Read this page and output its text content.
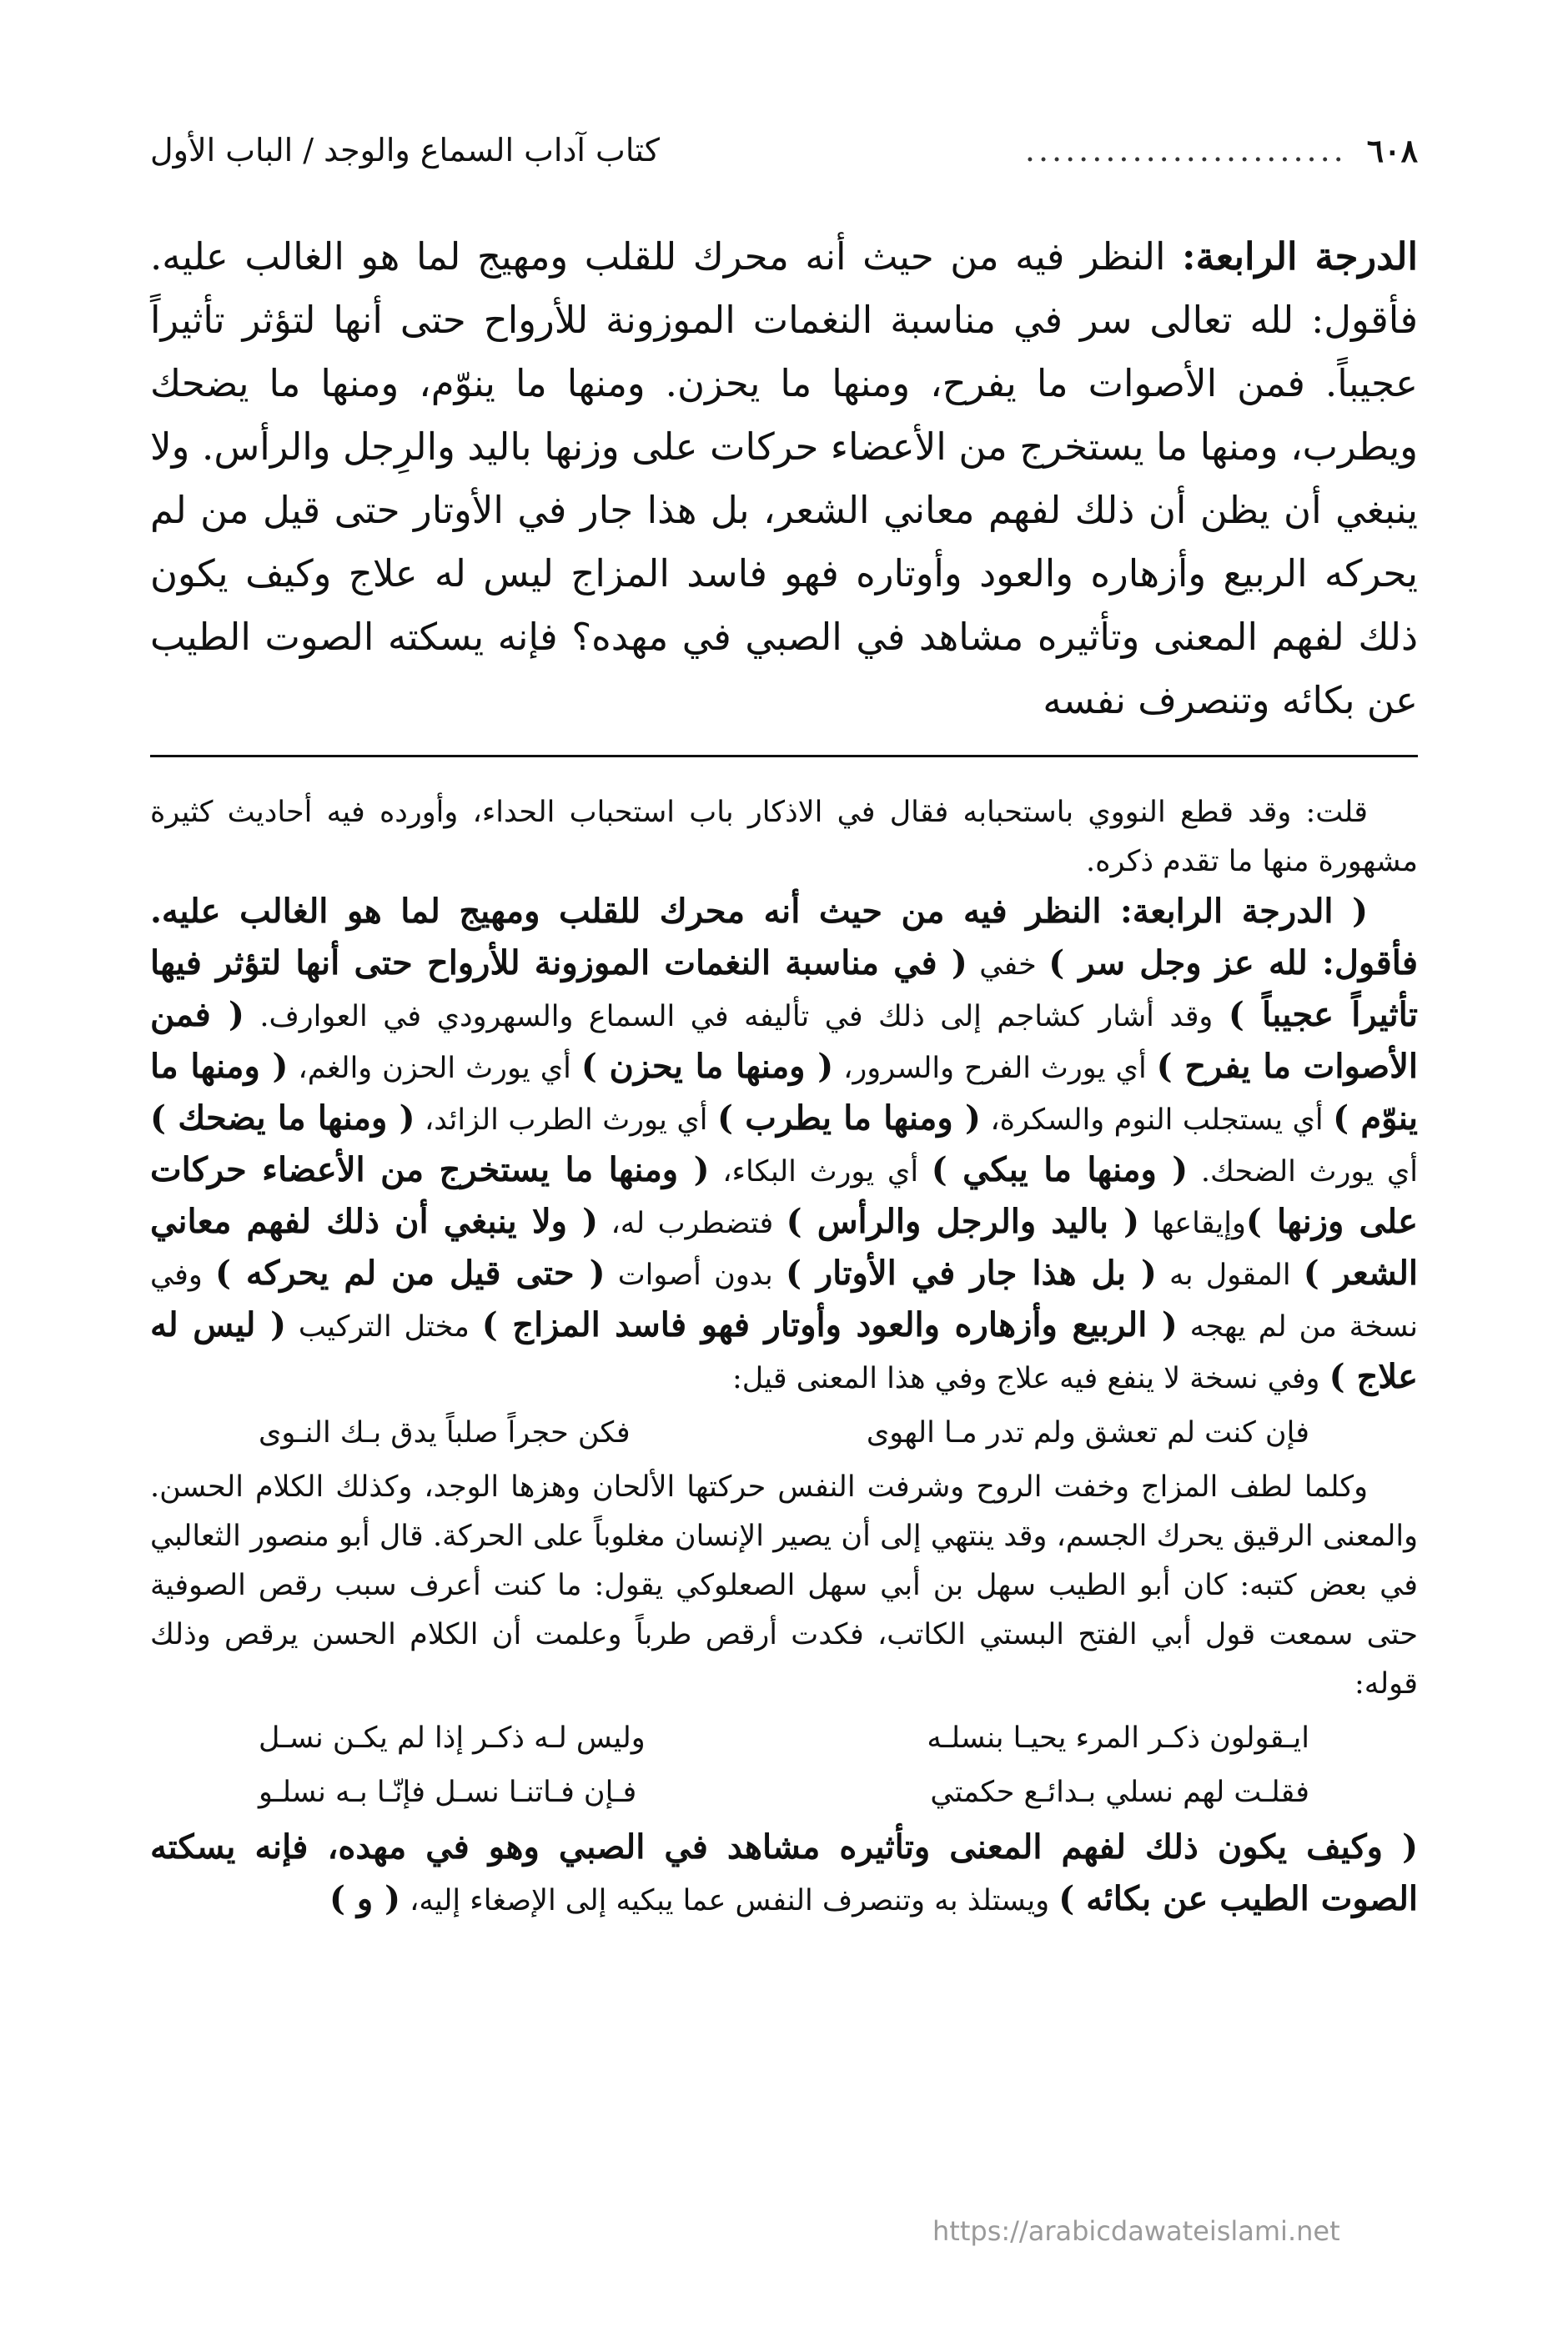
٦٠٨
........................
كتاب آداب السماع والوجد / الباب الأول

الدرجة الرابعة: النظر فيه من حيث أنه محرك للقلب ومهيج لما هو الغالب عليه. فأقول: لله تعالى سر في مناسبة النغمات الموزونة للأرواح حتى أنها لتؤثر تأثيراً عجيباً. فمن الأصوات ما يفرح، ومنها ما يحزن. ومنها ما ينوّم، ومنها ما يضحك ويطرب، ومنها ما يستخرج من الأعضاء حركات على وزنها باليد والرِجل والرأس. ولا ينبغي أن يظن أن ذلك لفهم معاني الشعر، بل هذا جار في الأوتار حتى قيل من لم يحركه الربيع وأزهاره والعود وأوتاره فهو فاسد المزاج ليس له علاج وكيف يكون ذلك لفهم المعنى وتأثيره مشاهد في الصبي في مهده؟ فإنه يسكته الصوت الطيب عن بكائه وتنصرف نفسه

قلت: وقد قطع النووي باستحبابه فقال في الاذكار باب استحباب الحداء، وأورده فيه أحاديث كثيرة مشهورة منها ما تقدم ذكره.

( الدرجة الرابعة: النظر فيه من حيث أنه محرك للقلب ومهيج لما هو الغالب عليه. فأقول: لله عز وجل سر ) خفي ( في مناسبة النغمات الموزونة للأرواح حتى أنها لتؤثر فيها تأثيراً عجيباً ) وقد أشار كشاجم إلى ذلك في تأليفه في السماع والسهرودي في العوارف. ( فمن الأصوات ما يفرح ) أي يورث الفرح والسرور، ( ومنها ما يحزن ) أي يورث الحزن والغم، ( ومنها ما ينوّم ) أي يستجلب النوم والسكرة، ( ومنها ما يطرب ) أي يورث الطرب الزائد، ( ومنها ما يضحك ) أي يورث الضحك. ( ومنها ما يبكي ) أي يورث البكاء، ( ومنها ما يستخرج من الأعضاء حركات على وزنها )وإيقاعها ( باليد والرجل والرأس ) فتضطرب له، ( ولا ينبغي أن ذلك لفهم معاني الشعر ) المقول به ( بل هذا جار في الأوتار ) بدون أصوات ( حتى قيل من لم يحركه ) وفي نسخة من لم يهجه ( الربيع وأزهاره والعود وأوتار فهو فاسد المزاج ) مختل التركيب ( ليس له علاج ) وفي نسخة لا ينفع فيه علاج وفي هذا المعنى قيل:

فإن كنت لم تعشق ولم تدر مـا الهوى
فكن حجراً صلباً يدق بـك النـوى

وكلما لطف المزاج وخفت الروح وشرفت النفس حركتها الألحان وهزها الوجد، وكذلك الكلام الحسن. والمعنى الرقيق يحرك الجسم، وقد ينتهي إلى أن يصير الإنسان مغلوباً على الحركة. قال أبو منصور الثعالبي في بعض كتبه: كان أبو الطيب سهل بن أبي سهل الصعلوكي يقول: ما كنت أعرف سبب رقص الصوفية حتى سمعت قول أبي الفتح البستي الكاتب، فكدت أرقص طرباً وعلمت أن الكلام الحسن يرقص وذلك قوله:

ايـقولون ذكـر المرء يحيـا بنسلـه
وليس لـه ذكـر إذا لم يكـن نسـل
فقلـت لهم نسلي بـدائـع حكمتي
فـإن فـاتنـا نسـل فإنّـا بـه نسلـو

( وكيف يكون ذلك لفهم المعنى وتأثيره مشاهد في الصبي وهو في مهده، فإنه يسكته الصوت الطيب عن بكائه ) ويستلذ به وتنصرف النفس عما يبكيه إلى الإصغاء إليه، ( و )

https://arabicdawateislami.net
